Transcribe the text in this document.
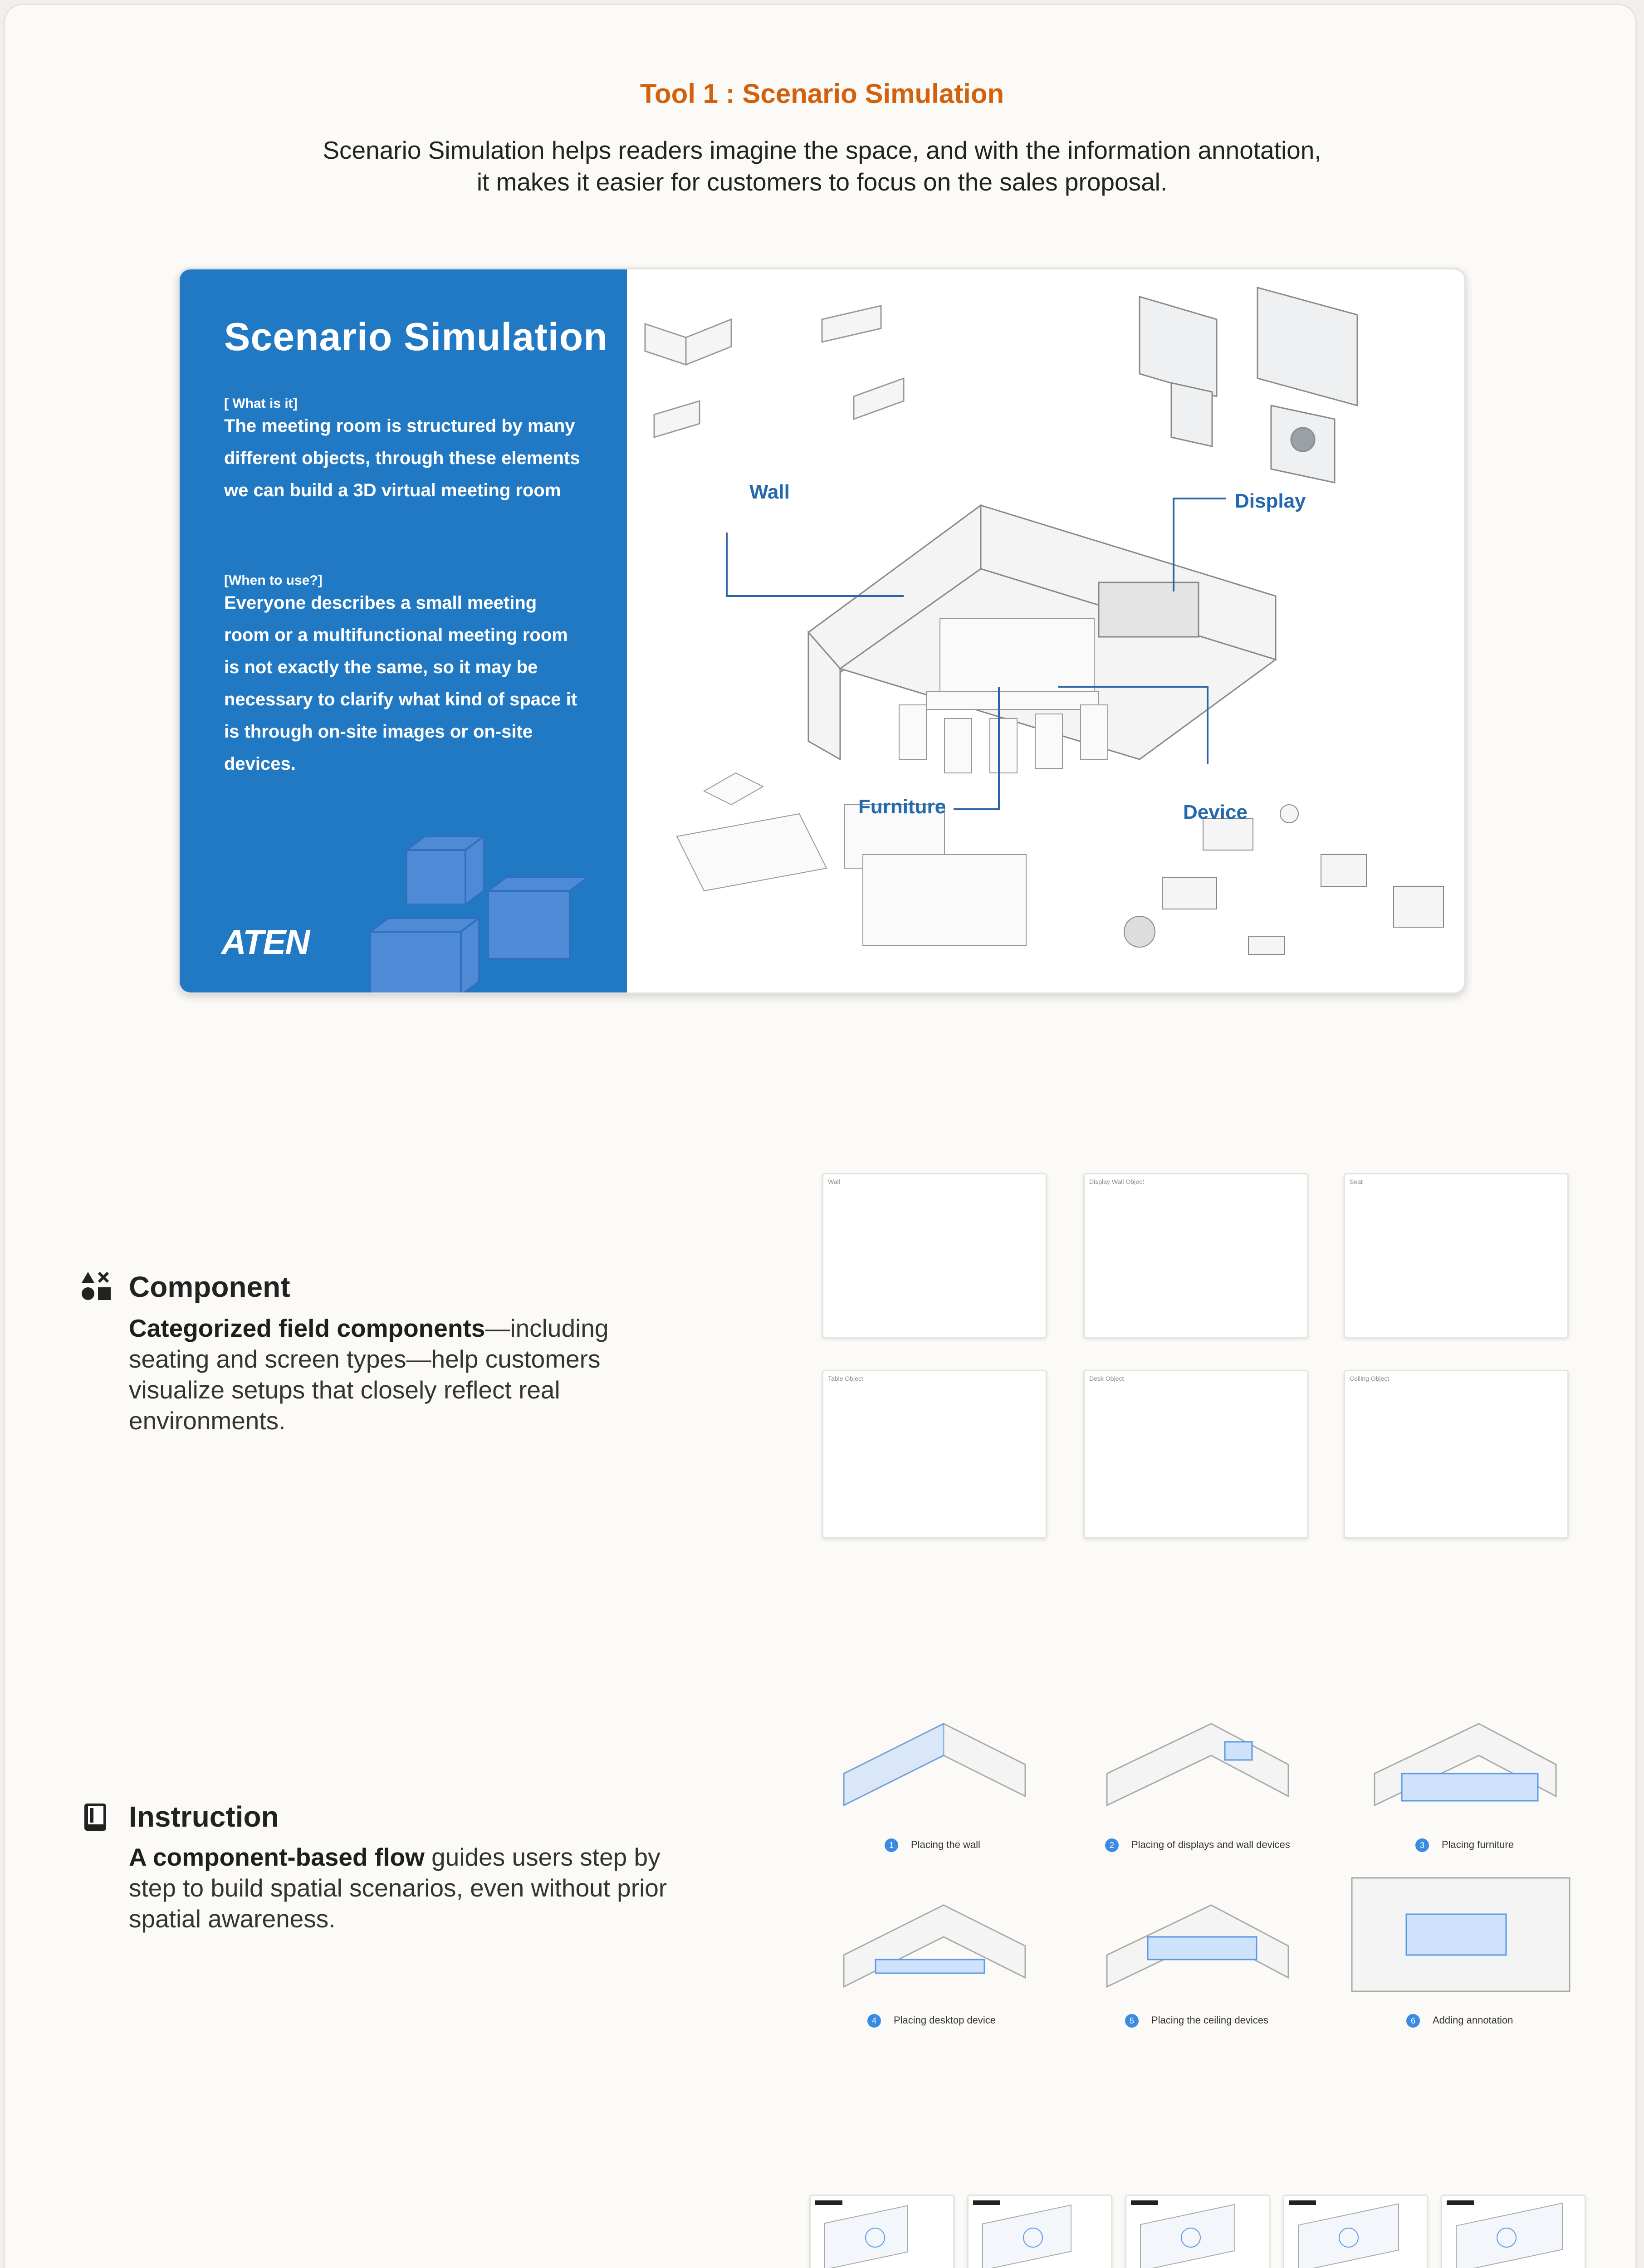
Tool 1 : Scenario Simulation
Scenario Simulation helps readers imagine the space, and with the information annotation,
it makes it easier for customers to focus on the sales proposal.
Scenario Simulation
[ What is it]
The meeting room is structured by many different objects, through these elements we can build a 3D virtual meeting room
[When to use?]
Everyone describes a small meeting room or a multifunctional meeting room is not exactly the same, so it may be necessary to clarify what kind of space it is through on-site images or on-site devices.
ATEN
Wall	Display
Furniture	Device
Component
Categorized field components—including seating and screen types—help customers visualize setups that closely reflect real environments.
Wall	Display Wall Object	Seat
Table Object	Desk Object	Ceiling Object
Instruction
A component-based flow guides users step by step to build spatial scenarios, even without prior spatial awareness.
1 Placing the wall	2 Placing of displays and wall devices	3 Placing furniture
4 Placing desktop device	5 Placing the ceiling devices	6 Adding annotation
